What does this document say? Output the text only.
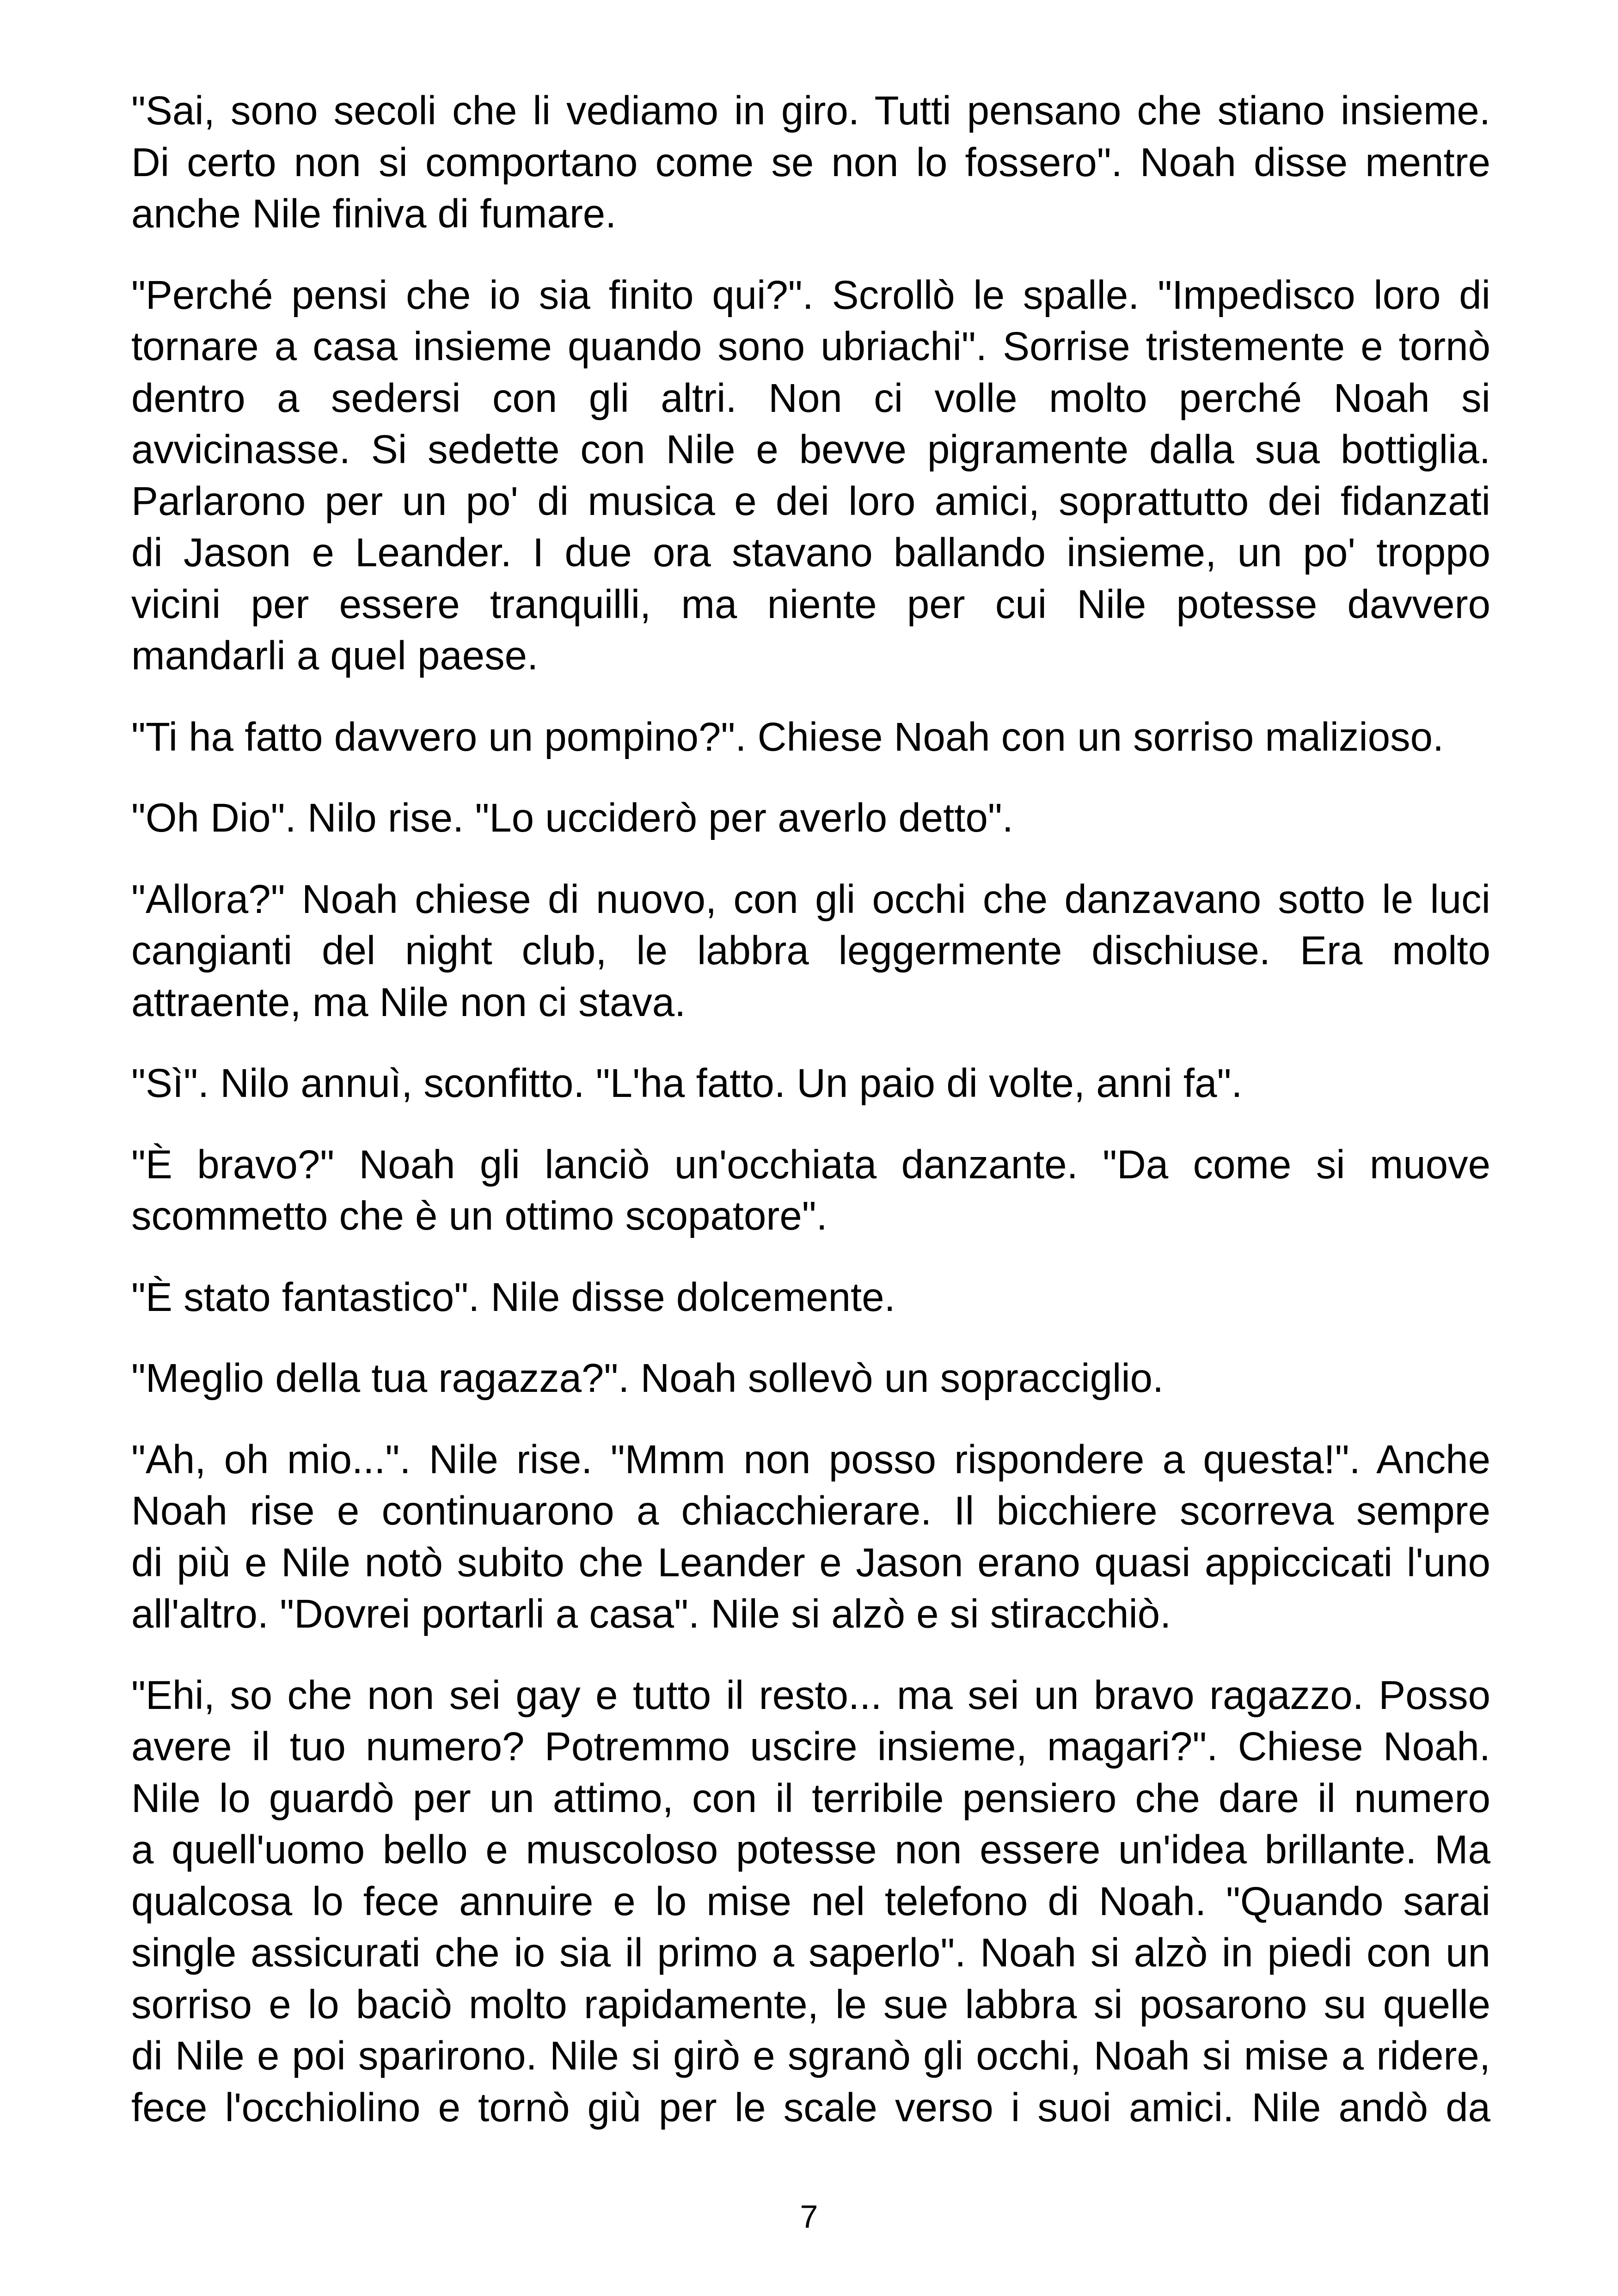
"Sai, sono secoli che li vediamo in giro. Tutti pensano che stiano insieme.
Di certo non si comportano come se non lo fossero". Noah disse mentre
anche Nile finiva di fumare.
"Perché pensi che io sia finito qui?". Scrollò le spalle. "Impedisco loro di
tornare a casa insieme quando sono ubriachi". Sorrise tristemente e tornò
dentro a sedersi con gli altri. Non ci volle molto perché Noah si
avvicinasse. Si sedette con Nile e bevve pigramente dalla sua bottiglia.
Parlarono per un po' di musica e dei loro amici, soprattutto dei fidanzati
di Jason e Leander. I due ora stavano ballando insieme, un po' troppo
vicini per essere tranquilli, ma niente per cui Nile potesse davvero
mandarli a quel paese.
"Ti ha fatto davvero un pompino?". Chiese Noah con un sorriso malizioso.
"Oh Dio". Nilo rise. "Lo ucciderò per averlo detto".
"Allora?" Noah chiese di nuovo, con gli occhi che danzavano sotto le luci
cangianti del night club, le labbra leggermente dischiuse. Era molto
attraente, ma Nile non ci stava.
"Sì". Nilo annuì, sconfitto. "L'ha fatto. Un paio di volte, anni fa".
"È bravo?" Noah gli lanciò un'occhiata danzante. "Da come si muove
scommetto che è un ottimo scopatore".
"È stato fantastico". Nile disse dolcemente.
"Meglio della tua ragazza?". Noah sollevò un sopracciglio.
"Ah, oh mio...". Nile rise. "Mmm non posso rispondere a questa!". Anche
Noah rise e continuarono a chiacchierare. Il bicchiere scorreva sempre
di più e Nile notò subito che Leander e Jason erano quasi appiccicati l'uno
all'altro. "Dovrei portarli a casa". Nile si alzò e si stiracchiò.
"Ehi, so che non sei gay e tutto il resto... ma sei un bravo ragazzo. Posso
avere il tuo numero? Potremmo uscire insieme, magari?". Chiese Noah.
Nile lo guardò per un attimo, con il terribile pensiero che dare il numero
a quell'uomo bello e muscoloso potesse non essere un'idea brillante. Ma
qualcosa lo fece annuire e lo mise nel telefono di Noah. "Quando sarai
single assicurati che io sia il primo a saperlo". Noah si alzò in piedi con un
sorriso e lo baciò molto rapidamente, le sue labbra si posarono su quelle
di Nile e poi sparirono. Nile si girò e sgranò gli occhi, Noah si mise a ridere,
fece l'occhiolino e tornò giù per le scale verso i suoi amici. Nile andò da
7
